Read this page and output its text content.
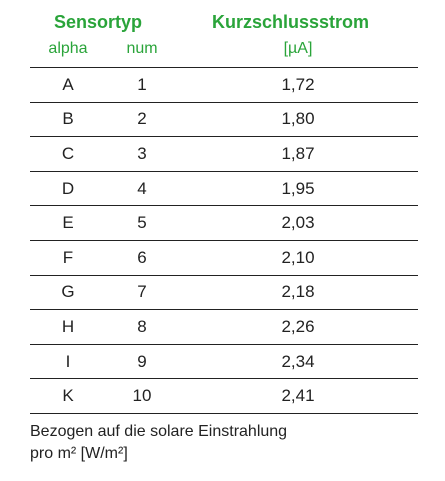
Sensortyp	Kurzschlussstrom
alpha num	[µA]
A	1	1,72
B	2	1,80
C	3	1,87
D	4	1,95
E	5	2,03
F	6	2,10
G	7	2,18
H	8	2,26
I	9	2,34
K	10	2,41
Bezogen auf die solare Einstrahlung
pro m² [W/m²]
